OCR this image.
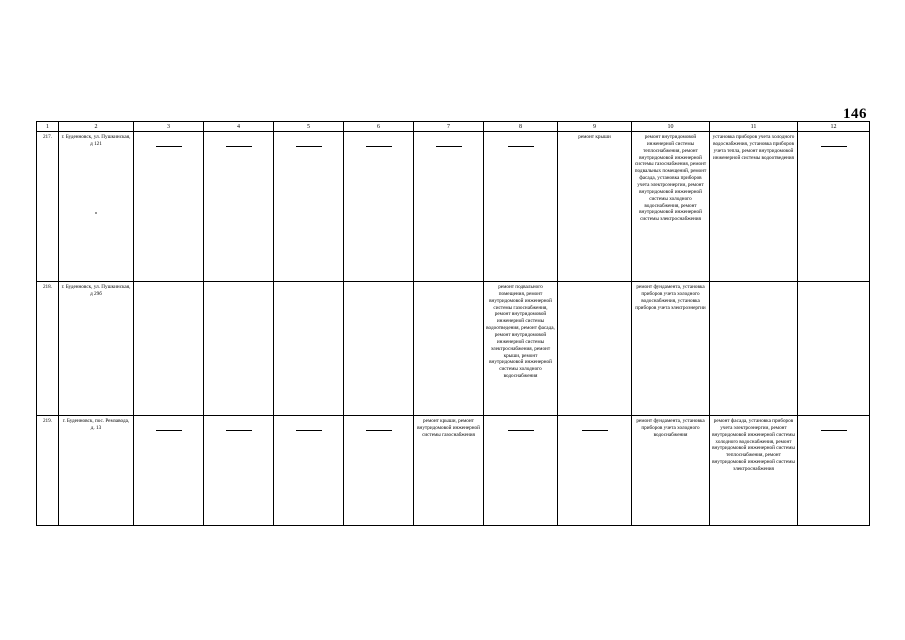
146
1	2	3	4	5	6	7	8	9	10	11	12
217.	г. Буденновск, ул. Пушкинская, д 121							ремонт крыши	ремонт внутридомовой инженерной системы теплоснабжения, ремонт внутридомовой инженерной системы газоснабжения, ремонт подвальных помещений, ремонт фасада, установка приборов учета электроэнергии, ремонт внутридомовой инженерной системы холодного водоснабжения, ремонт внутридомовой инженерной системы электроснабжения	установка приборов учета холодного водоснабжения, установка приборов учета тепла, ремонт внутридомовой инженерной системы водоотведения	

218.	г. Буденновск, ул. Пушкинская, д 29б						ремонт подвального помещения, ремонт внутридомовой инженерной системы газоснабжения, ремонт внутридомовой инженерной системы водоотведения, ремонт фасада, ремонт внутридомовой инженерной системы электроснабжения, ремонт крыши, ремонт внутридомовой инженерной системы холодного водоснабжения		ремонт фундамента, установка приборов учета холодного водоснабжения, установка приборов учета электроэнергии		
219.	г. Буденновск, пос. Ремзавода, д. 13					ремонт крыши, ремонт внутридомовой инженерной системы газоснабжения			ремонт фундамента, установка приборов учета холодного водоснабжения	ремонт фасада, установка приборов учета электроэнергии, ремонт внутридомовой инженерной системы холодного водоснабжения, ремонт внутридомовой инженерной системы теплоснабжения, ремонт внутридомовой инженерной системы электроснабжения	
